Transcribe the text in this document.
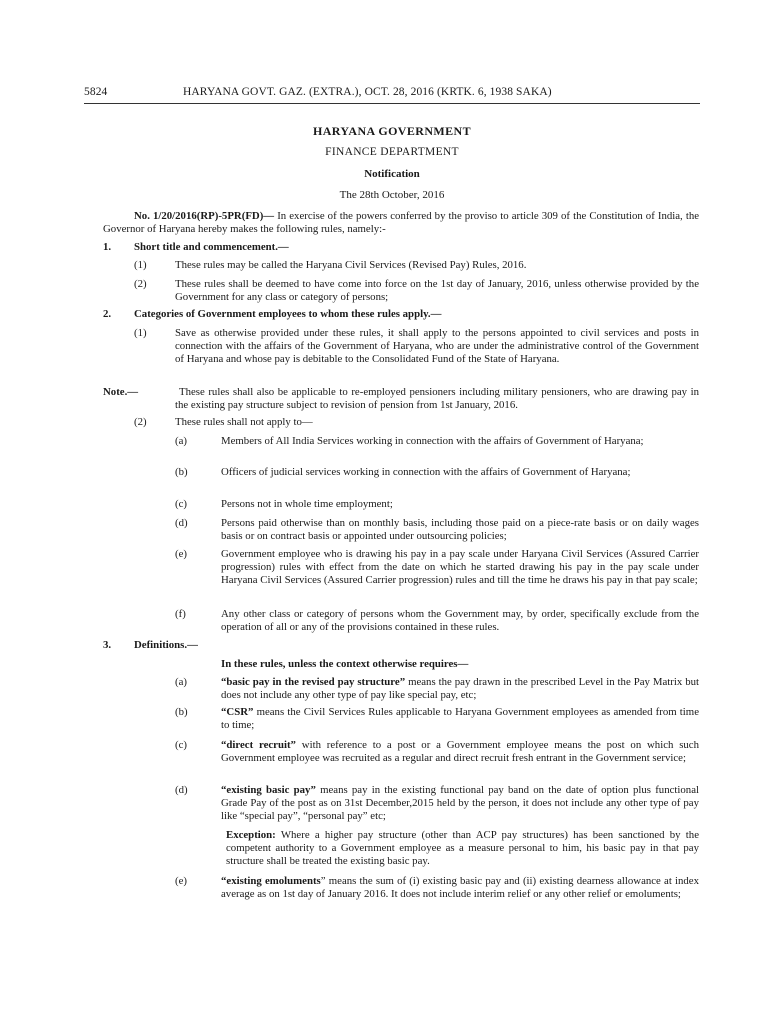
5824	HARYANA GOVT. GAZ. (EXTRA.), OCT. 28, 2016 (KRTK. 6, 1938 SAKA)
HARYANA GOVERNMENT
FINANCE DEPARTMENT
Notification
The 28th October, 2016
No. 1/20/2016(RP)-5PR(FD)— In exercise of the powers conferred by the proviso to article 309 of the Constitution of India, the Governor of Haryana hereby makes the following rules, namely:-
1. Short title and commencement.—
(1)	These rules may be called the Haryana Civil Services (Revised Pay) Rules, 2016.
(2)	These rules shall be deemed to have come into force on the 1st day of January, 2016, unless otherwise provided by the Government for any class or category of persons;
2. Categories of Government employees to whom these rules apply.—
(1)	Save as otherwise provided under these rules, it shall apply to the persons appointed to civil services and posts in connection with the affairs of the Government of Haryana, who are under the administrative control of the Government of Haryana and whose pay is debitable to the Consolidated Fund of the State of Haryana.
Note.—	These rules shall also be applicable to re-employed pensioners including military pensioners, who are drawing pay in the existing pay structure subject to revision of pension from 1st January, 2016.
(2)	These rules shall not apply to—
(a)	Members of All India Services working in connection with the affairs of Government of Haryana;
(b)	Officers of judicial services working in connection with the affairs of Government of Haryana;
(c)	Persons not in whole time employment;
(d)	Persons paid otherwise than on monthly basis, including those paid on a piece-rate basis or on daily wages basis or on contract basis or appointed under outsourcing policies;
(e)	Government employee who is drawing his pay in a pay scale under Haryana Civil Services (Assured Carrier progression) rules with effect from the date on which he started drawing his pay in the pay scale under Haryana Civil Services (Assured Carrier progression) rules and till the time he draws his pay in that pay scale;
(f)	Any other class or category of persons whom the Government may, by order, specifically exclude from the operation of all or any of the provisions contained in these rules.
3. Definitions.—
In these rules, unless the context otherwise requires—
(a)	“basic pay in the revised pay structure” means the pay drawn in the prescribed Level in the Pay Matrix but does not include any other type of pay like special pay, etc;
(b)	“CSR” means the Civil Services Rules applicable to Haryana Government employees as amended from time to time;
(c)	“direct recruit” with reference to a post or a Government employee means the post on which such Government employee was recruited as a regular and direct recruit fresh entrant in the Government service;
(d)	“existing basic pay” means pay in the existing functional pay band on the date of option plus functional Grade Pay of the post as on 31st December,2015 held by the person, it does not include any other type of pay like “special pay”, “personal pay” etc;
Exception: Where a higher pay structure (other than ACP pay structures) has been sanctioned by the competent authority to a Government employee as a measure personal to him, his basic pay in that pay structure shall be treated the existing basic pay.
(e)	“existing emoluments” means the sum of (i) existing basic pay and (ii) existing dearness allowance at index average as on 1st day of January 2016. It does not include interim relief or any other relief or emoluments;
